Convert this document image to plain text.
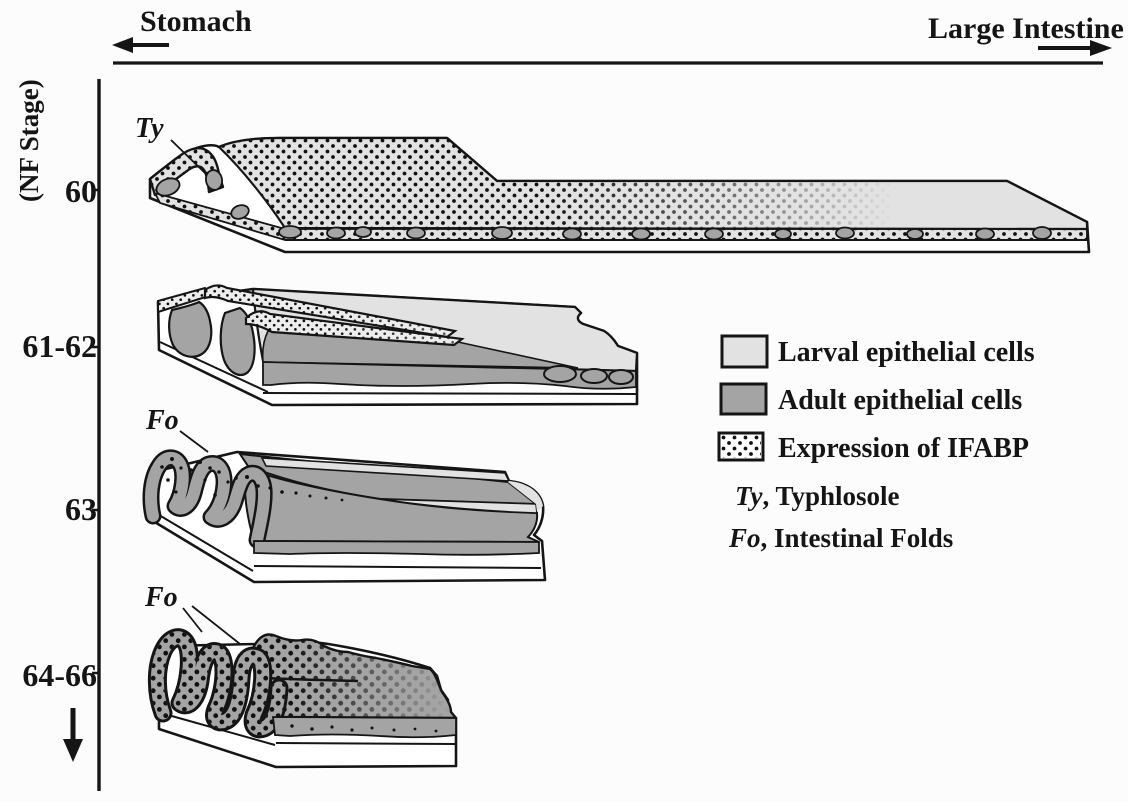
Stomach	Large Intestine
(NF Stage) 60
61-62
63
64-66
Ty
Fo
Fo
Larval epithelial cells
Adult epithelial cells
Expression of IFABP
Ty, Typhlosole
Fo, Intestinal Folds
